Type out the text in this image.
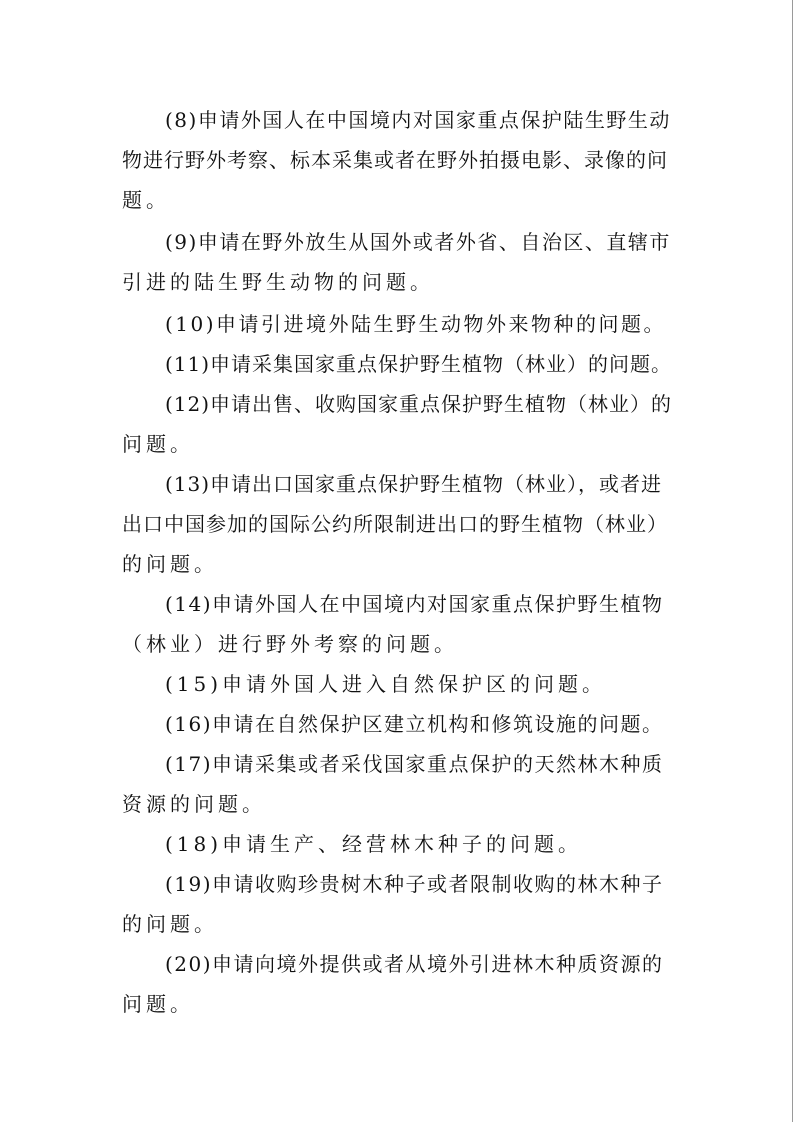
(8)申请外国人在中国境内对国家重点保护陆生野生动
物进行野外考察、标本采集或者在野外拍摄电影、录像的问
题。
(9)申请在野外放生从国外或者外省、自治区、直辖市
引进的陆生野生动物的问题。
(10)申请引进境外陆生野生动物外来物种的问题。
(11)申请采集国家重点保护野生植物（林业）的问题。
(12)申请出售、收购国家重点保护野生植物（林业）的
问题。
(13)申请出口国家重点保护野生植物（林业），或者进
出口中国参加的国际公约所限制进出口的野生植物（林业）
的问题。
(14)申请外国人在中国境内对国家重点保护野生植物
（林业）进行野外考察的问题。
(15)申请外国人进入自然保护区的问题。
(16)申请在自然保护区建立机构和修筑设施的问题。
(17)申请采集或者采伐国家重点保护的天然林木种质
资源的问题。
(18)申请生产、经营林木种子的问题。
(19)申请收购珍贵树木种子或者限制收购的林木种子
的问题。
(20)申请向境外提供或者从境外引进林木种质资源的
问题。
